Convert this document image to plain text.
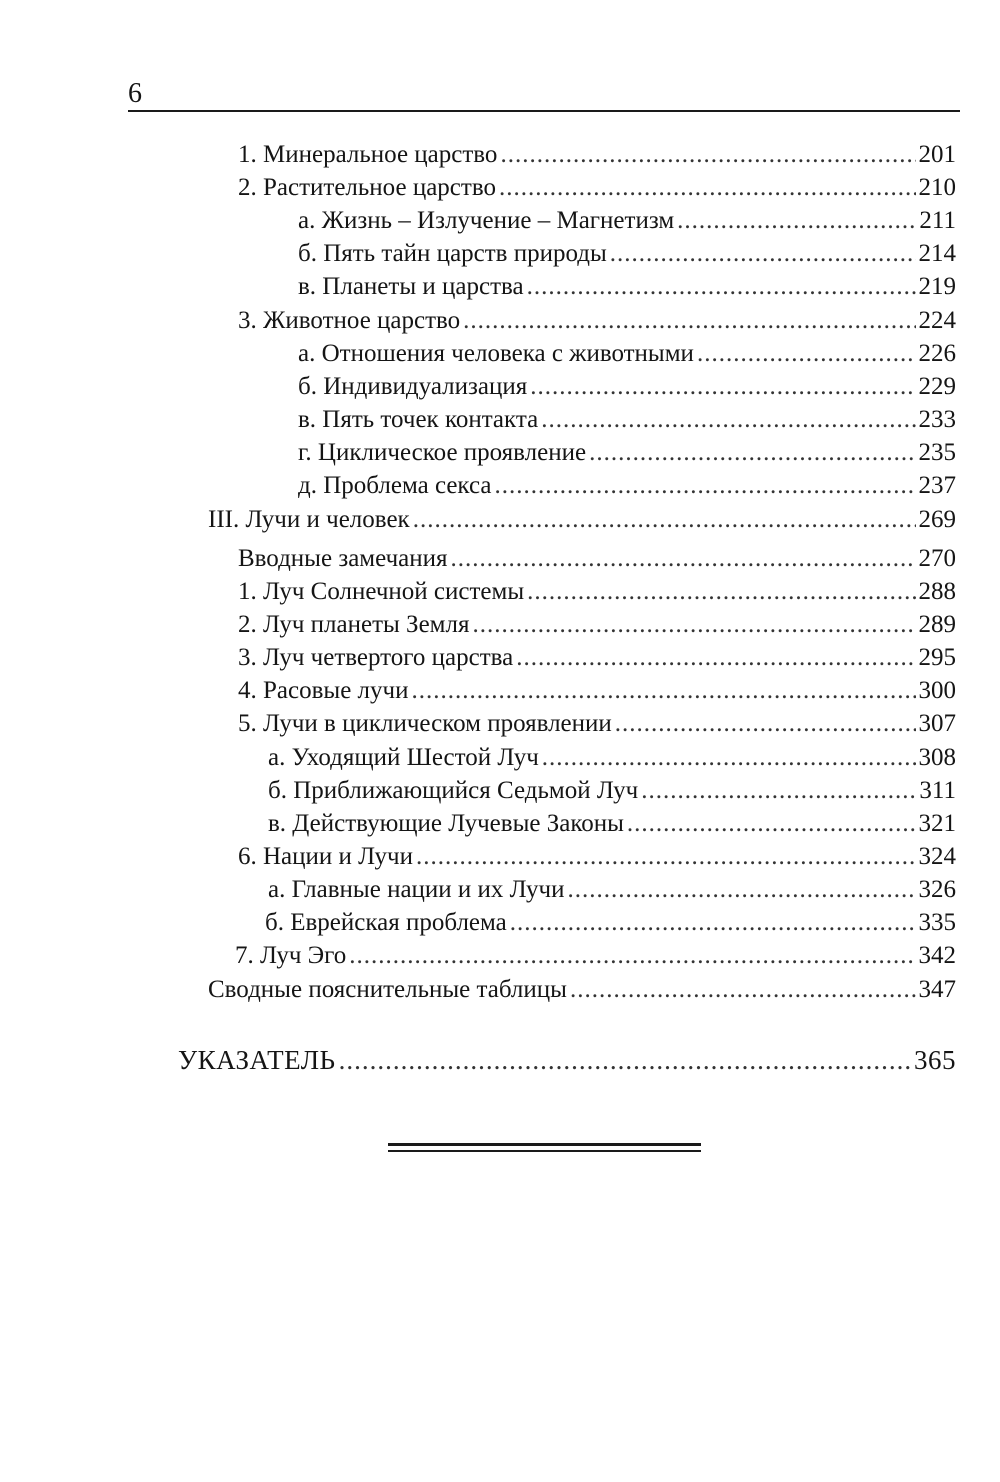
6
1. Минеральное царство .....	201
2. Растительное царство .....	210
а. Жизнь – Излучение – Магнетизм .....	211
б. Пять тайн царств природы .....	214
в. Планеты и царства .....	219
3. Животное царство .....	224
а. Отношения человека с животными .....	226
б. Индивидуализация .....	229
в. Пять точек контакта .....	233
г. Циклическое проявление .....	235
д. Проблема секса .....	237
III. Лучи и человек .....	269
Вводные замечания .....	270
1. Луч Солнечной системы .....	288
2. Луч планеты Земля .....	289
3. Луч четвертого царства .....	295
4. Расовые лучи .....	300
5. Лучи в циклическом проявлении .....	307
а. Уходящий Шестой Луч .....	308
б. Приближающийся Седьмой Луч .....	311
в. Действующие Лучевые Законы .....	321
6. Нации и Лучи .....	324
а. Главные нации и их Лучи .....	326
б. Еврейская проблема .....	335
7. Луч Эго .....	342
Сводные пояснительные таблицы .....	347
УКАЗАТЕЛЬ .....	365
